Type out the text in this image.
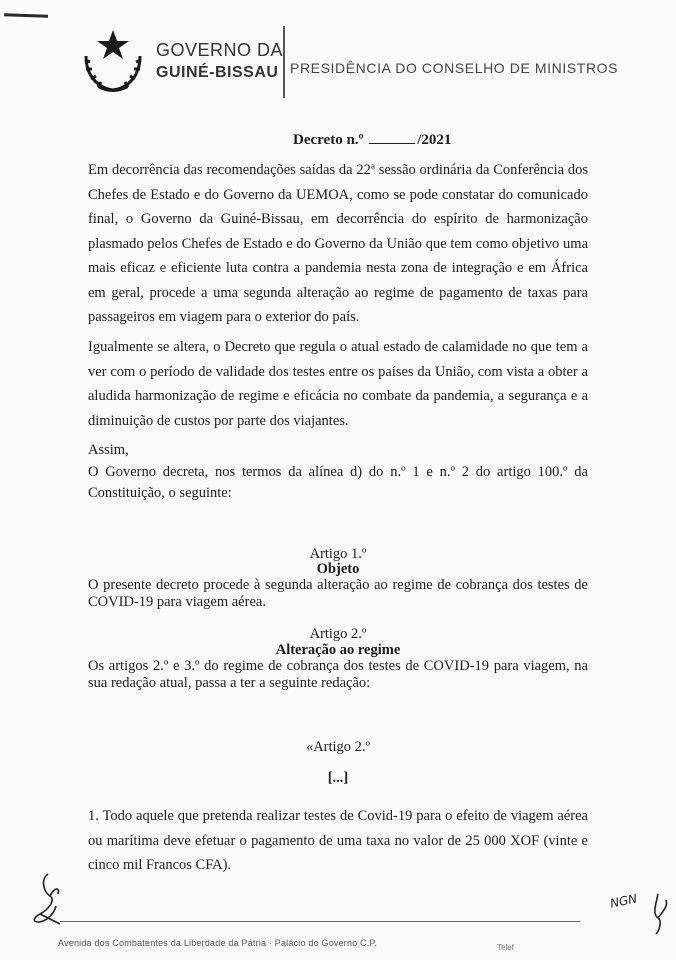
GOVERNO DA
GUINÉ-BISSAU PRESIDÊNCIA DO CONSELHO DE MINISTROS
Decreto n.º	/2021
Em decorrência das recomendações saídas da 22ª sessão ordinária da Conferência dos Chefes de Estado e do Governo da UEMOA, como se pode constatar do comunicado final, o Governo da Guiné-Bissau, em decorrência do espírito de harmonização plasmado pelos Chefes de Estado e do Governo da União que tem como objetivo uma mais eficaz e eficiente luta contra a pandemia nesta zona de integração e em África em geral, procede a uma segunda alteração ao regime de pagamento de taxas para passageiros em viagem para o exterior do país.
Igualmente se altera, o Decreto que regula o atual estado de calamidade no que tem a ver com o período de validade dos testes entre os países da União, com vista a obter a aludida harmonização de regime e eficácia no combate da pandemia, a segurança e a diminuição de custos por parte dos viajantes.
Assim,
O Governo decreta, nos termos da alínea d) do n.º 1 e n.º 2 do artigo 100.º da Constituição, o seguinte:
Artigo 1.º
Objeto
O presente decreto procede à segunda alteração ao regime de cobrança dos testes de COVID-19 para viagem aérea.
Artigo 2.º
Alteração ao regime
Os artigos 2.º e 3.º do regime de cobrança dos testes de COVID-19 para viagem, na sua redação atual, passa a ter a seguinte redação:
«Artigo 2.º
[...]
1. Todo aquele que pretenda realizar testes de Covid-19 para o efeito de viagem aérea ou marítima deve efetuar o pagamento de uma taxa no valor de 25 000 XOF (vinte e cinco mil Francos CFA).
NGN
Avenida dos Combatentes da Liberdade da Pátria · Palácio do Governo C.P.	Telef
